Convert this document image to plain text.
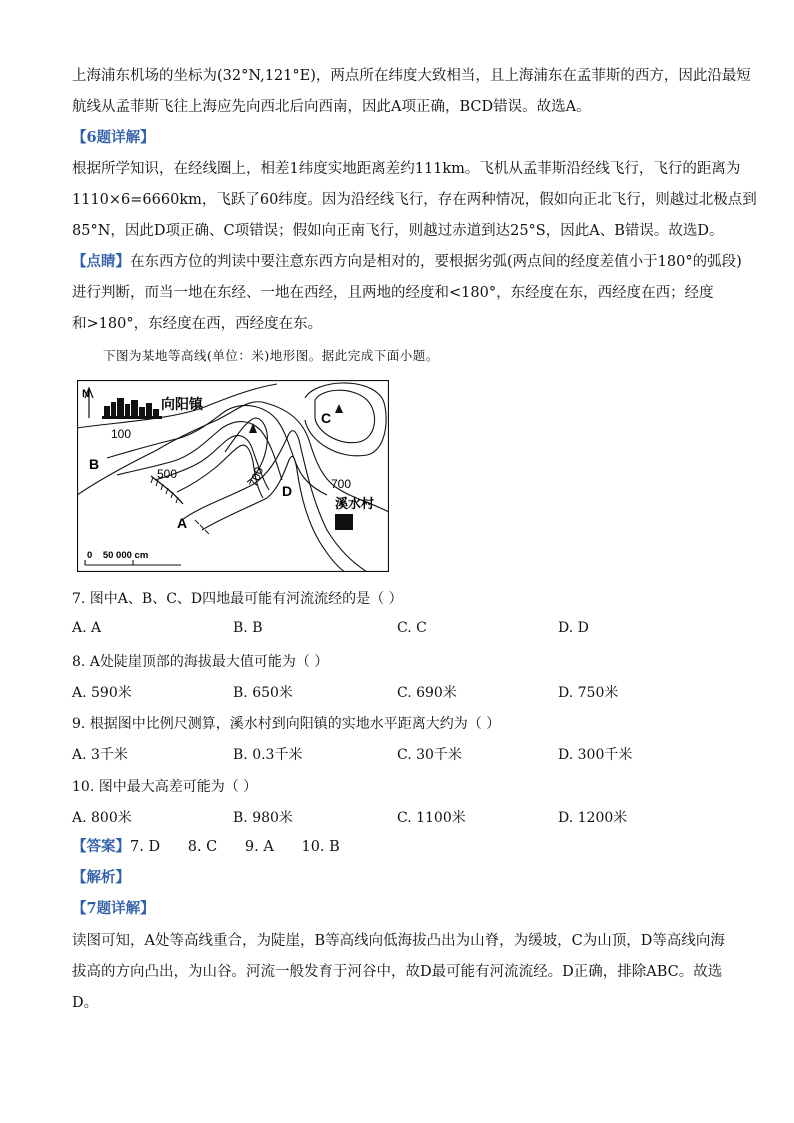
上海浦东机场的坐标为(32°N,121°E)，两点所在纬度大致相当，且上海浦东在孟菲斯的西方，因此沿最短
航线从孟菲斯飞往上海应先向西北后向西南，因此A项正确，BCD错误。故选A。
【6题详解】
根据所学知识，在经线圈上，相差1纬度实地距离差约111km。飞机从孟菲斯沿经线飞行，飞行的距离为
1110×6=6660km，飞跃了60纬度。因为沿经线飞行，存在两种情况，假如向正北飞行，则越过北极点到
85°N，因此D项正确、C项错误；假如向正南飞行，则越过赤道到达25°S，因此A、B错误。故选D。
【点睛】在东西方位的判读中要注意东西方向是相对的，要根据劣弧(两点间的经度差值小于180°的弧段)
进行判断，而当一地在东经、一地在西经，且两地的经度和<180°，东经度在东，西经度在西；经度
和>180°，东经度在西，西经度在东。
下图为某地等高线(单位：米)地形图。据此完成下面小题。
N
向阳镇
100
A
B
C
D
500	700	700
溪水村
0    50 000 cm
7. 图中A、B、C、D四地最可能有河流流经的是（ ）
A. A	B. B	C. C	D. D
8. A处陡崖顶部的海拔最大值可能为（ ）
A. 590米	B. 650米	C. 690米	D. 750米
9. 根据图中比例尺测算，溪水村到向阳镇的实地水平距离大约为（ ）
A. 3千米	B. 0.3千米	C. 30千米	D. 300千米
10. 图中最大高差可能为（ ）
A. 800米	B. 980米	C. 1100米	D. 1200米
【答案】7. D      8. C      9. A      10. B
【解析】
【7题详解】
读图可知，A处等高线重合，为陡崖，B等高线向低海拔凸出为山脊，为缓坡，C为山顶，D等高线向海
拔高的方向凸出，为山谷。河流一般发育于河谷中，故D最可能有河流流经。D正确，排除ABC。故选
D。
